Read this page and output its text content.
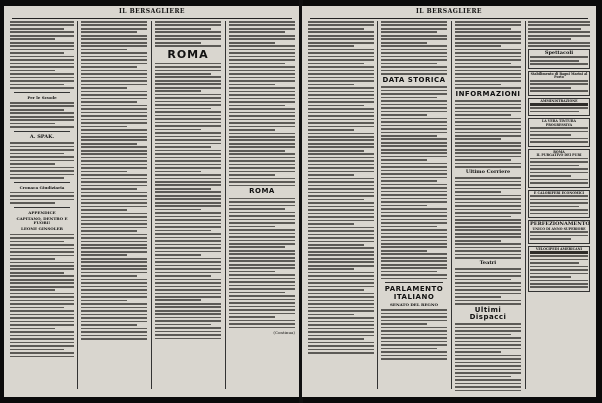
IL BERSAGLIERE
Per le Scuole
A. SPAK.
Cronaca Giudiziaria
APPENDICE
CAPITANO, DENTRO E FUORI!
LEONE GINSOLER
ROMA
ROMA
(Continua)
IL BERSAGLIERE
DATA STORICA
PARLAMENTO ITALIANO
SENATO DEL REGNO
INFORMAZIONI
Ultimo Corriere
Teatri
Ultimi Dispacci
Spettacoli
Stabilimento di Bagni Marini al Porto
AMMINISTRAZIONE
LA VERA TINTURA PROGRESSIVA
ROMA
IL PURGATIVO DEI PURI
E CALORIFERI ECONOMICI
PERFEZIONAMENTO
UNICO DI ANNO SUPERIORE
VELOCIPEDI AMERICANI
